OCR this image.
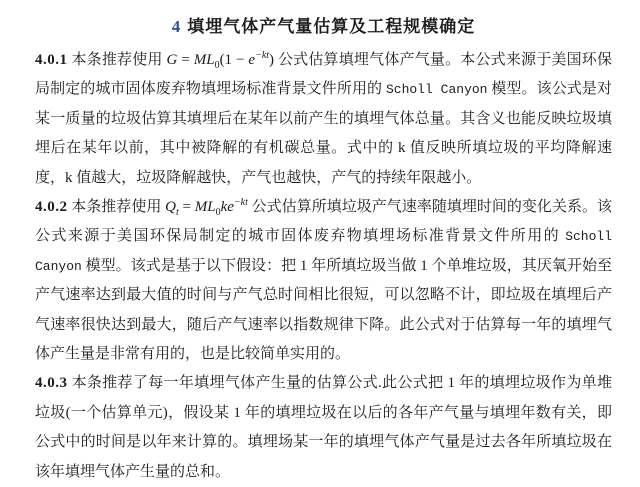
4 填埋气体产气量估算及工程规模确定

4.0.1 本条推荐使用 $G = ML_0(1 - e^{-kt})$ 公式估算填埋气体产气量。本公式来源于美国环保局制定的城市固体废弃物填埋场标准背景文件所用的 Scholl Canyon 模型。该公式是对某一质量的垃圾估算其填埋后在某年以前产生的填埋气体总量。其含义也能反映垃圾填埋后在某年以前，其中被降解的有机碳总量。式中的 k 值反映所填垃圾的平均降解速度，k 值越大，垃圾降解越快，产气也越快，产气的持续年限越小。

4.0.2 本条推荐使用 $Q_t = ML_0ke^{-kt}$ 公式估算所填垃圾产气速率随填埋时间的变化关系。该公式来源于美国环保局制定的城市固体废弃物填埋场标准背景文件所用的 Scholl Canyon 模型。该式是基于以下假设：把 1 年所填垃圾当做 1 个单堆垃圾，其厌氧开始至产气速率达到最大值的时间与产气总时间相比很短，可以忽略不计，即垃圾在填埋后产气速率很快达到最大，随后产气速率以指数规律下降。此公式对于估算每一年的填埋气体产生量是非常有用的，也是比较简单实用的。

4.0.3 本条推荐了每一年填埋气体产生量的估算公式.此公式把 1 年的填埋垃圾作为单堆垃圾(一个估算单元)，假设某 1 年的填埋垃圾在以后的各年产气量与填埋年数有关，即公式中的时间是以年来计算的。填埋场某一年的填埋气体产气量是过去各年所填垃圾在该年填埋气体产生量的总和。
